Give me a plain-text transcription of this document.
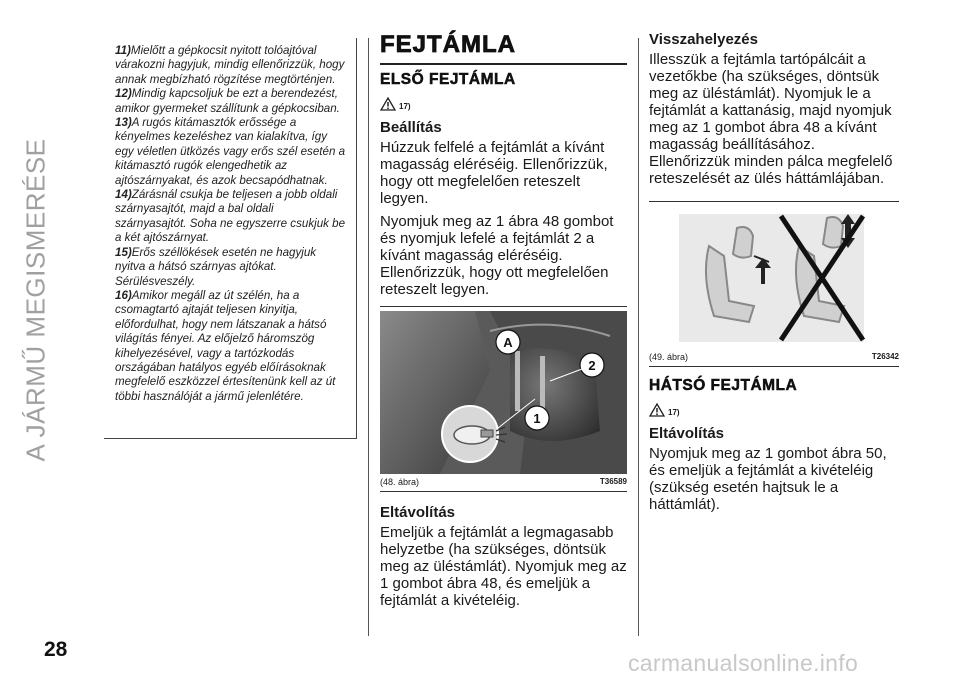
A JÁRMŰ MEGISMERÉSE

11)Mielőtt a gépkocsit nyitott tolóajtóval várakozni hagyjuk, mindig ellenőrizzük, hogy annak megbízható rögzítése megtörténjen.

12)Mindig kapcsoljuk be ezt a berendezést, amikor gyermeket szállítunk a gépkocsiban.

13)A rugós kitámasztók erőssége a kényelmes kezeléshez van kialakítva, így egy véletlen ütközés vagy erős szél esetén a kitámasztó rugók elengedhetik az ajtószárnyakat, és azok becsapódhatnak.

14)Zárásnál csukja be teljesen a jobb oldali szárnyasajtót, majd a bal oldali szárnyasajtót. Soha ne egyszerre csukjuk be a két ajtószárnyat.

15)Erős széllökések esetén ne hagyjuk nyitva a hátsó szárnyas ajtókat. Sérülésveszély.

16)Amikor megáll az út szélén, ha a csomagtartó ajtaját teljesen kinyitja, előfordulhat, hogy nem látszanak a hátsó világítás fényei. Az előjelző háromszög kihelyezésével, vagy a tartózkodás országában hatályos egyéb előírásoknak megfelelő eszközzel értesítenünk kell az út többi használóját a jármű jelenlétére.

FEJTÁMLA
ELSŐ FEJTÁMLA
17)
Beállítás

Húzzuk felfelé a fejtámlát a kívánt magasság eléréséig. Ellenőrizzük, hogy ott megfelelően reteszelt legyen.

Nyomjuk meg az 1 ábra 48 gombot és nyomjuk lefelé a fejtámlát 2 a kívánt magasság eléréséig. Ellenőrizzük, hogy ott megfelelően reteszelt legyen.

A
2
1
(48. ábra)	T36589
Eltávolítás

Emeljük a fejtámlát a legmagasabb helyzetbe (ha szükséges, döntsük meg az üléstámlát). Nyomjuk meg az 1 gombot ábra 48, és emeljük a fejtámlát a kivételéig.

Visszahelyezés

Illesszük a fejtámla tartópálcáit a vezetőkbe (ha szükséges, döntsük meg az üléstámlát). Nyomjuk le a fejtámlát a kattanásig, majd nyomjuk meg az 1 gombot ábra 48 a kívánt magasság beállításához. Ellenőrizzük minden pálca megfelelő reteszelését az ülés háttámlájában.

(49. ábra)	T26342
HÁTSÓ FEJTÁMLA
17)
Eltávolítás

Nyomjuk meg az 1 gombot ábra 50, és emeljük a fejtámlát a kivételéig (szükség esetén hajtsuk le a háttámlát).

28
carmanualsonline.info
